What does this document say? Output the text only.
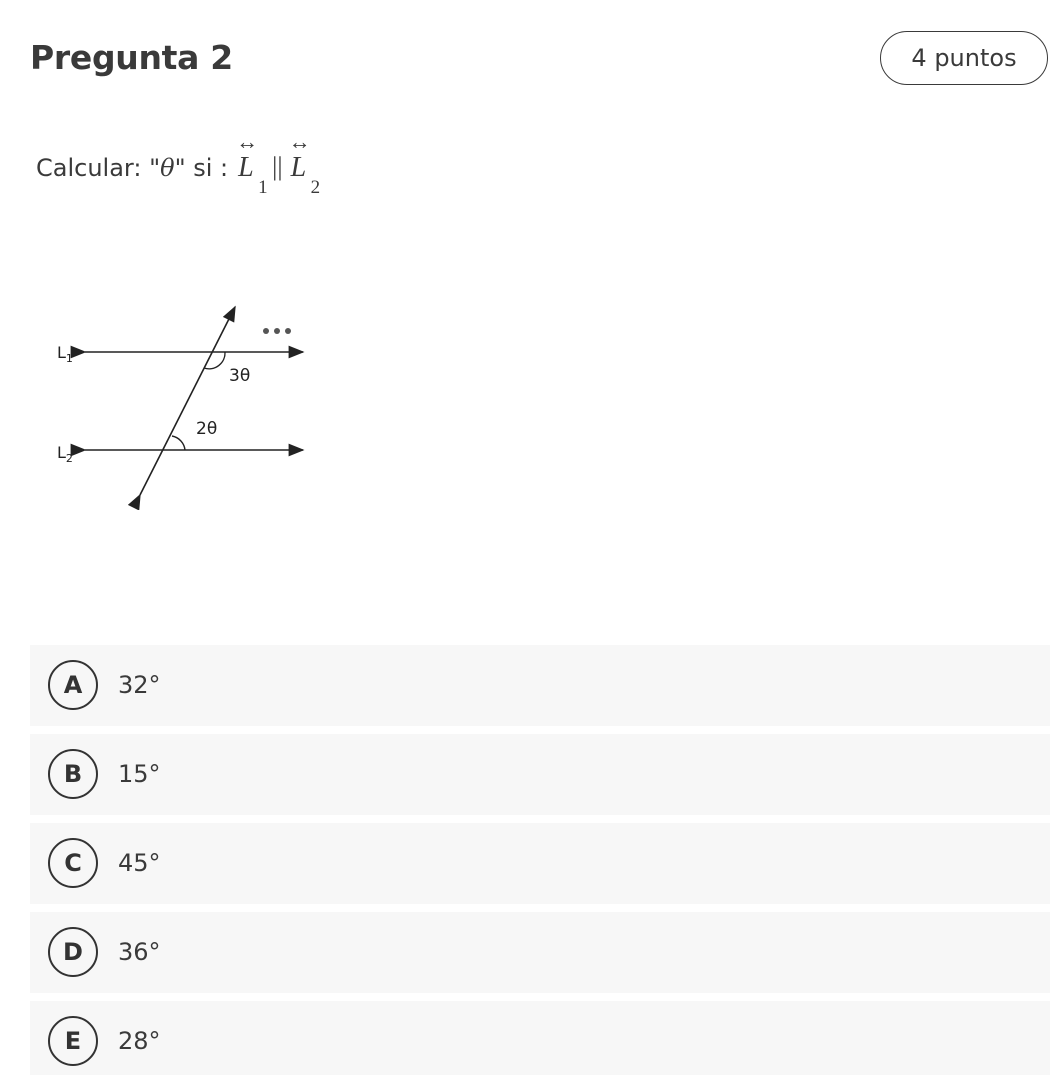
Pregunta 2	4 puntos
Calcular: " θ " si :
↔
L
1
||
↔
L
2
$L_1$
$L_2$
3θ
2θ
A	32°
B	15°
C	45°
D	36°
E	28°
